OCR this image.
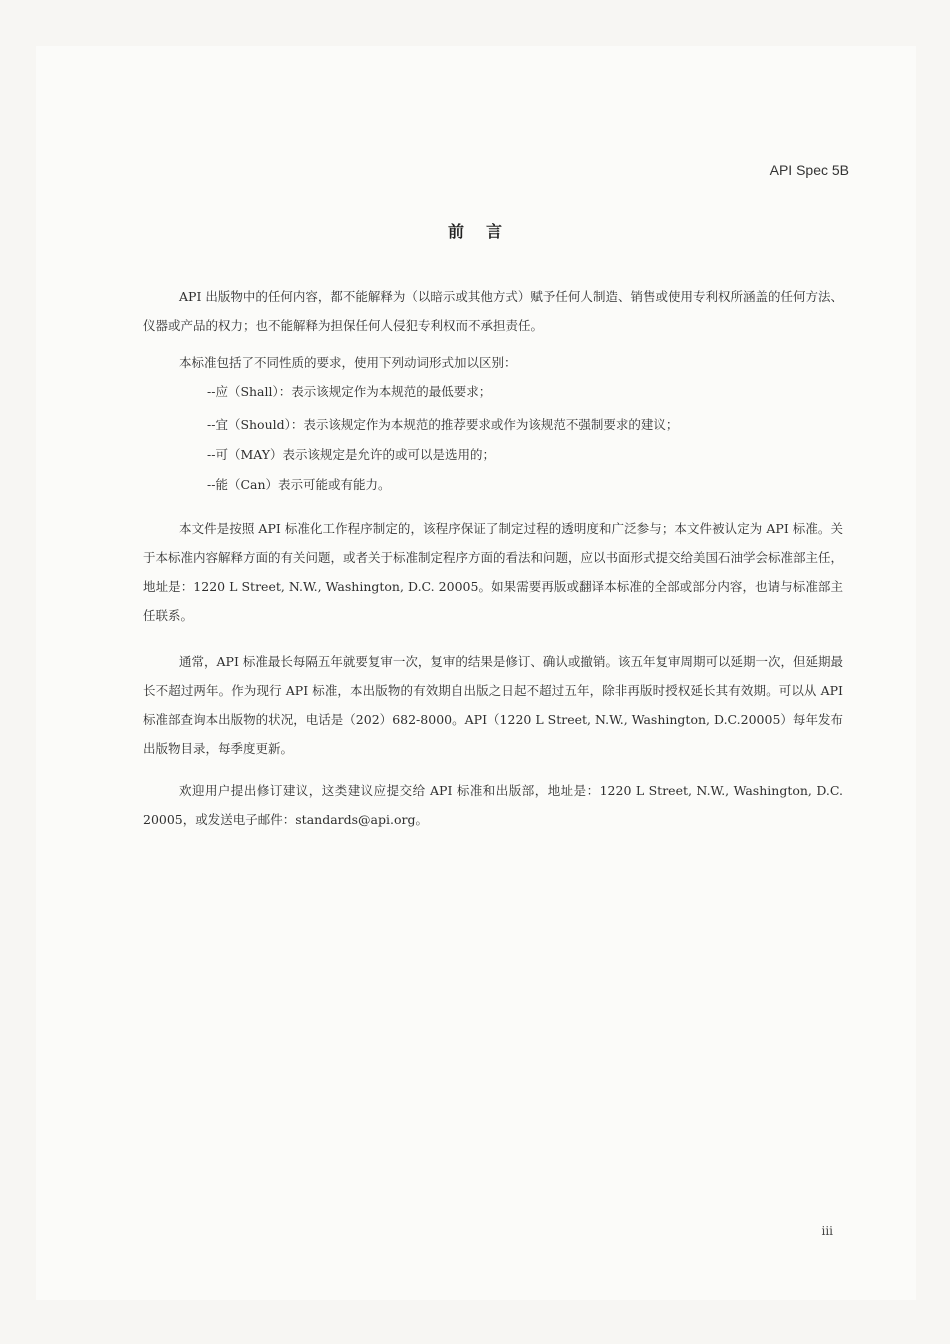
API Spec 5B
前言

API 出版物中的任何内容，都不能解释为（以暗示或其他方式）赋予任何人制造、销售或使用专利权所涵盖的任何方法、仪器或产品的权力；也不能解释为担保任何人侵犯专利权而不承担责任。

本标准包括了不同性质的要求，使用下列动词形式加以区别：

--应（Shall）：表示该规定作为本规范的最低要求；
--宜（Should）：表示该规定作为本规范的推荐要求或作为该规范不强制要求的建议；
--可（MAY）表示该规定是允许的或可以是选用的；
--能（Can）表示可能或有能力。

本文件是按照 API 标准化工作程序制定的，该程序保证了制定过程的透明度和广泛参与；本文件被认定为 API 标准。关于本标准内容解释方面的有关问题，或者关于标准制定程序方面的看法和问题，应以书面形式提交给美国石油学会标准部主任，地址是：1220 L Street, N.W., Washington, D.C. 20005。如果需要再版或翻译本标准的全部或部分内容，也请与标准部主任联系。

通常，API 标准最长每隔五年就要复审一次，复审的结果是修订、确认或撤销。该五年复审周期可以延期一次，但延期最长不超过两年。作为现行 API 标准，本出版物的有效期自出版之日起不超过五年，除非再版时授权延长其有效期。可以从 API 标准部查询本出版物的状况，电话是（202）682-8000。API（1220 L Street, N.W., Washington, D.C.20005）每年发布出版物目录，每季度更新。

欢迎用户提出修订建议，这类建议应提交给 API 标准和出版部，地址是：1220 L Street, N.W., Washington, D.C. 20005，或发送电子邮件：standards@api.org。

iii
